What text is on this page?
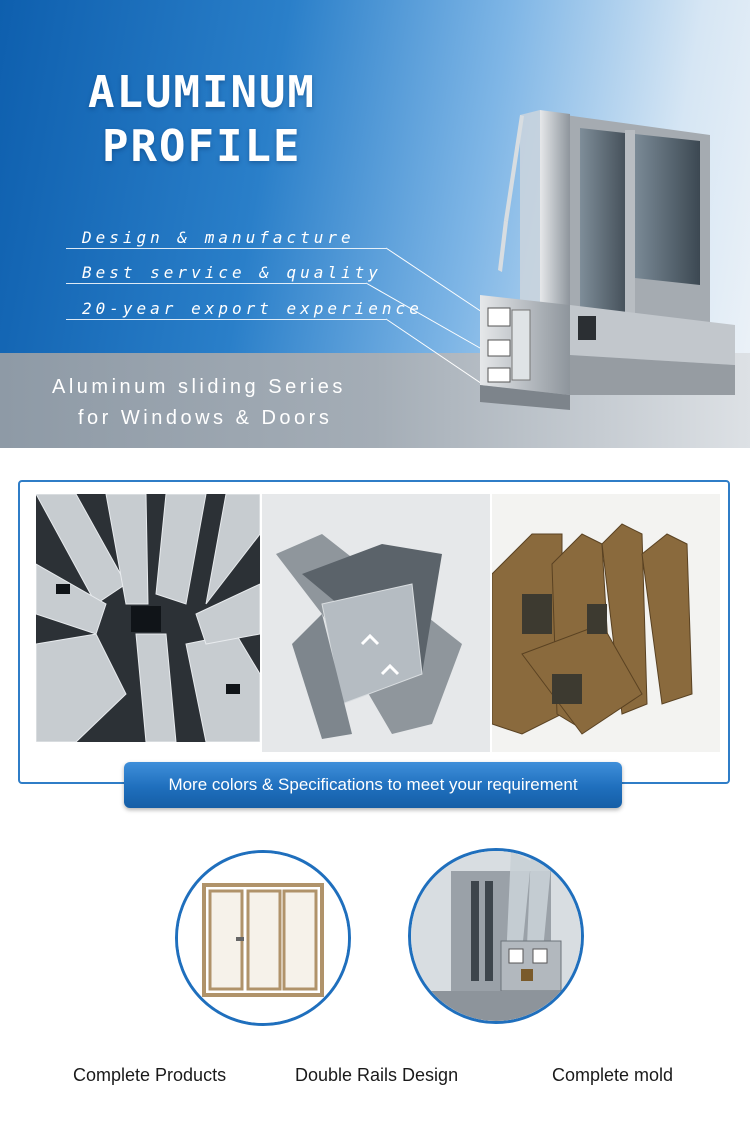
ALUMINUM
PROFILE
Design & manufacture
Best service & quality
20-year export experience
Aluminum sliding Series
for Windows & Doors
More colors & Specifications to meet your requirement
Complete Products	Double Rails Design	Complete mold
